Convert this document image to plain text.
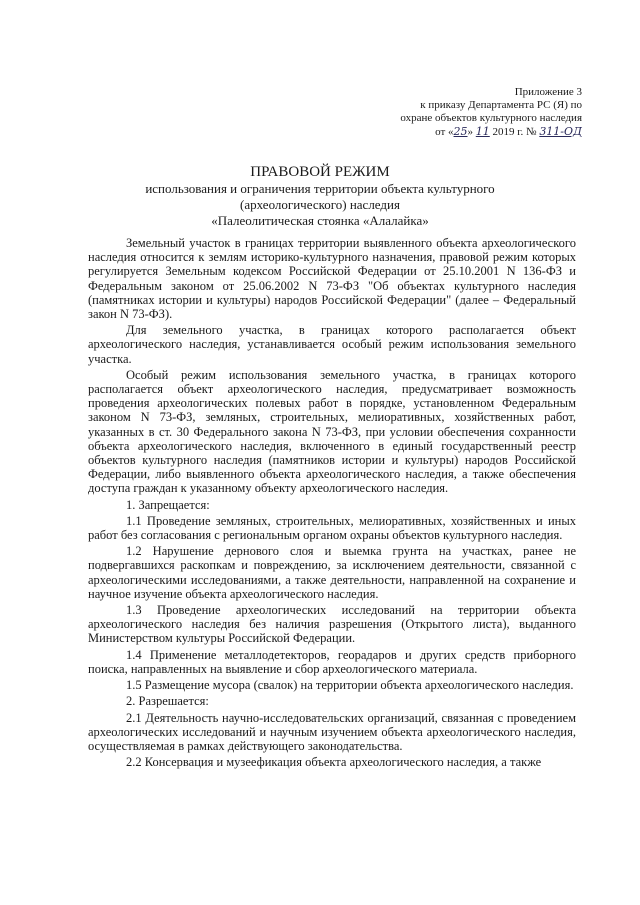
Приложение 3
к приказу Департамента РС (Я) по
охране объектов культурного наследия
от «25» 11 2019 г. № 311-ОД
ПРАВОВОЙ РЕЖИМ
использования и ограничения территории объекта культурного
(археологического) наследия
«Палеолитическая стоянка «Алалайка»

Земельный участок в границах территории выявленного объекта археологического наследия относится к землям историко-культурного назначения, правовой режим которых регулируется Земельным кодексом Российской Федерации от 25.10.2001 N 136-ФЗ и Федеральным законом от 25.06.2002 N 73-ФЗ "Об объектах культурного наследия (памятниках истории и культуры) народов Российской Федерации" (далее – Федеральный закон N 73-ФЗ).

Для земельного участка, в границах которого располагается объект археологического наследия, устанавливается особый режим использования земельного участка.

Особый режим использования земельного участка, в границах которого располагается объект археологического наследия, предусматривает возможность проведения археологических полевых работ в порядке, установленном Федеральным законом N 73-ФЗ, земляных, строительных, мелиоративных, хозяйственных работ, указанных в ст. 30 Федерального закона N 73-ФЗ, при условии обеспечения сохранности объекта археологического наследия, включенного в единый государственный реестр объектов культурного наследия (памятников истории и культуры) народов Российской Федерации, либо выявленного объекта археологического наследия, а также обеспечения доступа граждан к указанному объекту археологического наследия.

1. Запрещается:

1.1 Проведение земляных, строительных, мелиоративных, хозяйственных и иных работ без согласования с региональным органом охраны объектов культурного наследия.

1.2 Нарушение дернового слоя и выемка грунта на участках, ранее не подвергавшихся раскопкам и повреждению, за исключением деятельности, связанной с археологическими исследованиями, а также деятельности, направленной на сохранение и научное изучение объекта археологического наследия.

1.3 Проведение археологических исследований на территории объекта археологического наследия без наличия разрешения (Открытого листа), выданного Министерством культуры Российской Федерации.

1.4 Применение металлодетекторов, георадаров и других средств приборного поиска, направленных на выявление и сбор археологического материала.

1.5 Размещение мусора (свалок) на территории объекта археологического наследия.

2. Разрешается:

2.1 Деятельность научно-исследовательских организаций, связанная с проведением археологических исследований и научным изучением объекта археологического наследия, осуществляемая в рамках действующего законодательства.

2.2 Консервация и музеефикация объекта археологического наследия, а также
